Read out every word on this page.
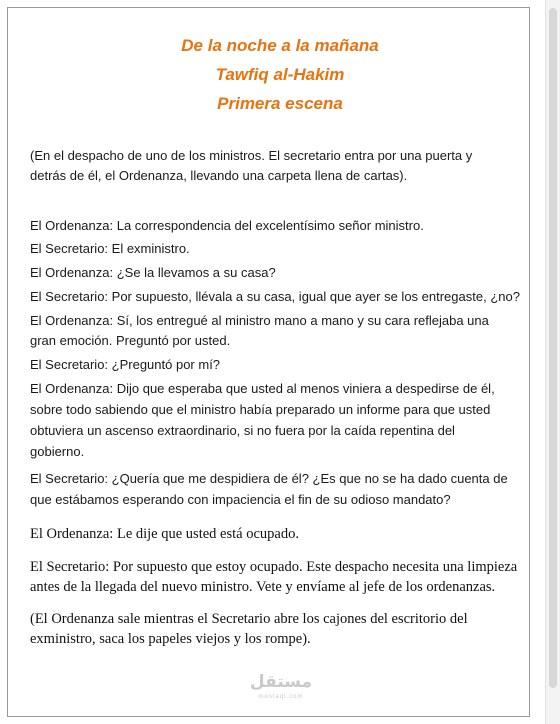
De la noche a la mañana
Tawfiq al-Hakim
Primera escena
(En el despacho de uno de los ministros. El secretario entra por una puerta y
detrás de él, el Ordenanza, llevando una carpeta llena de cartas).
El Ordenanza: La correspondencia del excelentísimo señor ministro.
El Secretario: El exministro.
El Ordenanza: ¿Se la llevamos a su casa?
El Secretario: Por supuesto, llévala a su casa, igual que ayer se los entregaste, ¿no?
El Ordenanza: Sí, los entregué al ministro mano a mano y su cara reflejaba una
gran emoción. Preguntó por usted.
El Secretario: ¿Preguntó por mí?
El Ordenanza: Dijo que esperaba que usted al menos viniera a despedirse de él,
sobre todo sabiendo que el ministro había preparado un informe para que usted
obtuviera un ascenso extraordinario, si no fuera por la caída repentina del
gobierno.
El Secretario: ¿Quería que me despidiera de él? ¿Es que no se ha dado cuenta de
que estábamos esperando con impaciencia el fin de su odioso mandato?
El Ordenanza: Le dije que usted está ocupado.
El Secretario: Por supuesto que estoy ocupado. Este despacho necesita una limpieza
antes de la llegada del nuevo ministro. Vete y envíame al jefe de los ordenanzas.
(El Ordenanza sale mientras el Secretario abre los cajones del escritorio del
exministro, saca los papeles viejos y los rompe).
مستقل
mostaql.com
